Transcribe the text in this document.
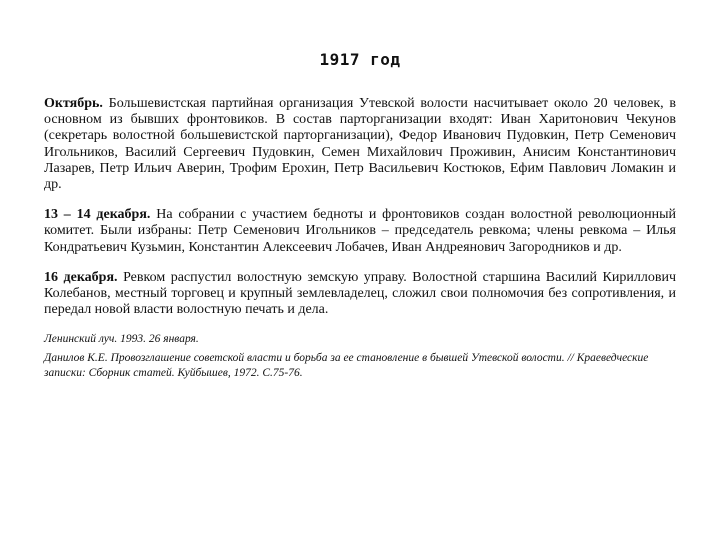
1917 год

Октябрь. Большевистская партийная организация Утевской волости насчитывает около 20 человек, в основном из бывших фронтовиков. В состав парторганизации входят: Иван Харитонович Чекунов (секретарь волостной большевистской парторганизации), Федор Иванович Пудовкин, Петр Семенович Игольников, Василий Сергеевич Пудовкин, Семен Михайлович Проживин, Анисим Константинович Лазарев, Петр Ильич Аверин, Трофим Ерохин, Петр Васильевич Костюков, Ефим Павлович Ломакин и др.

13 – 14 декабря. На собрании с участием бедноты и фронтовиков создан волостной революционный комитет. Были избраны: Петр Семенович Игольников – председатель ревкома; члены ревкома – Илья Кондратьевич Кузьмин, Константин Алексеевич Лобачев, Иван Андреянович Загородников и др.

16 декабря. Ревком распустил волостную земскую управу. Волостной старшина Василий Кириллович Колебанов, местный торговец и крупный землевладелец, сложил свои полномочия без сопротивления, и передал новой власти волостную печать и дела.

Ленинский луч. 1993. 26 января.

Данилов К.Е. Провозглашение советской власти и борьба за ее становление в бывшей Утевской волости. // Краеведческие записки: Сборник статей. Куйбышев, 1972. С.75-76.
